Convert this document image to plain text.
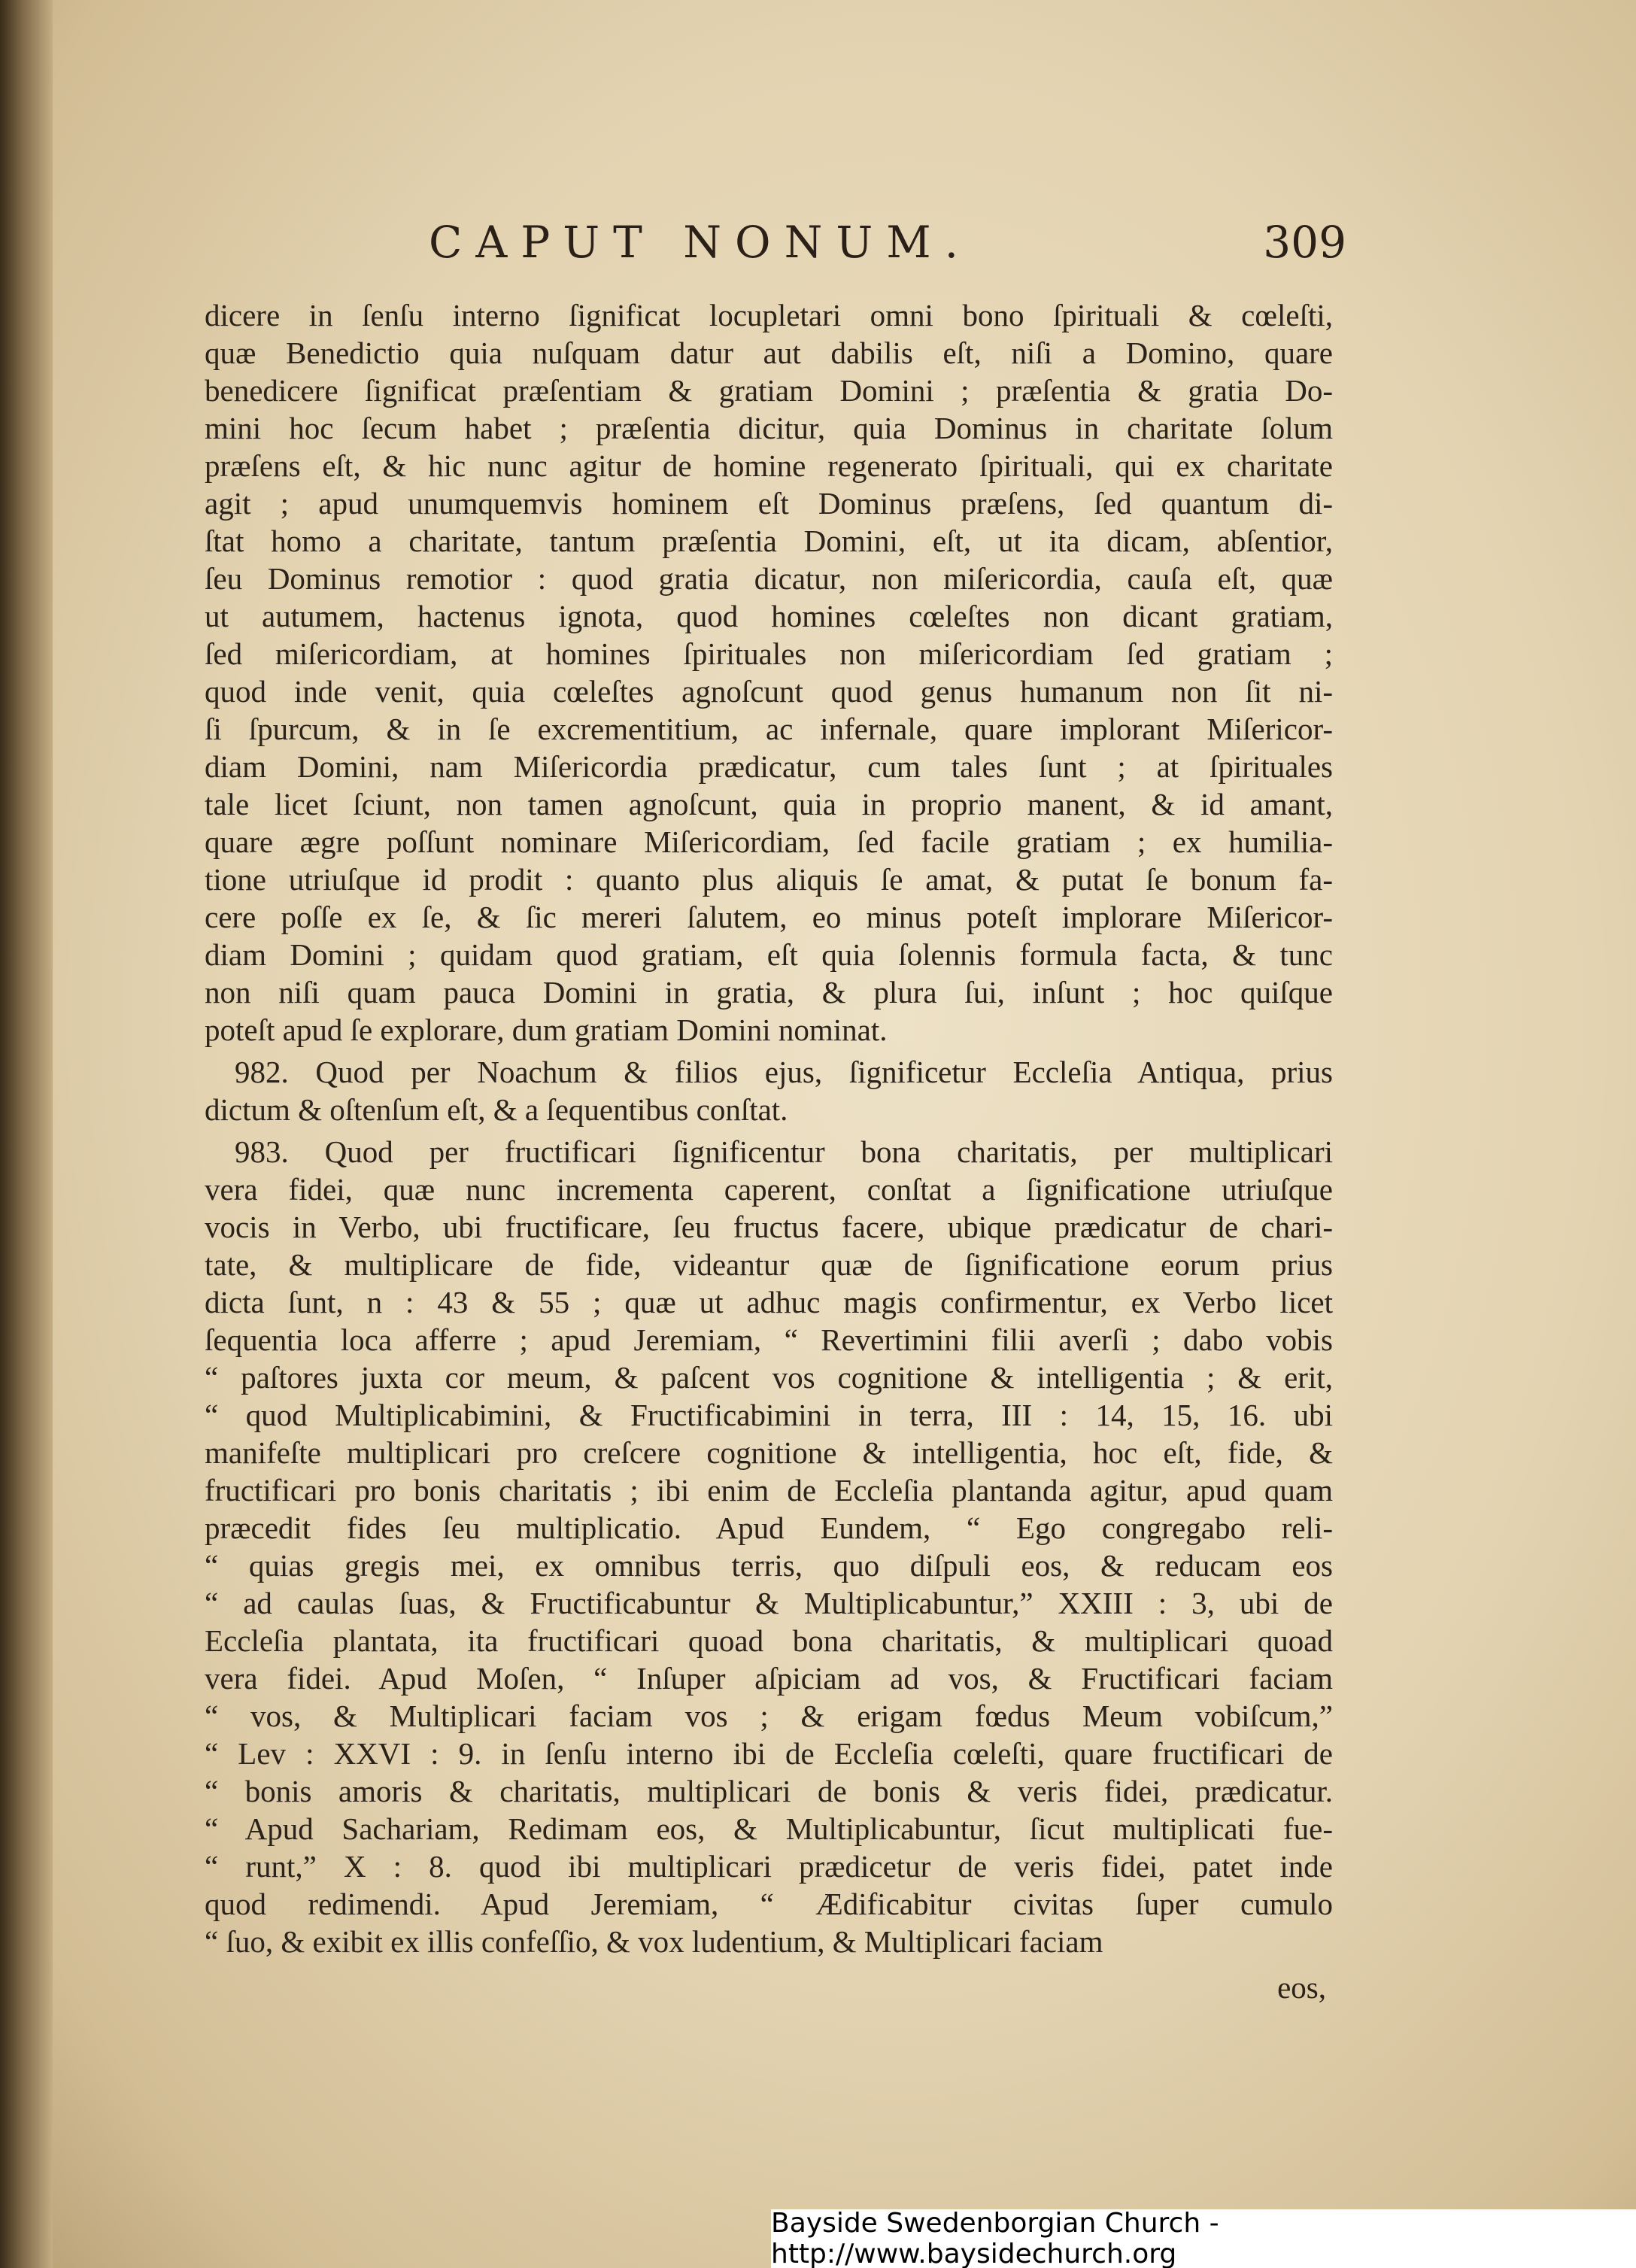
CAPUT NONUM.	309
dicere in ſenſu interno ſignificat locupletari omni bono ſpirituali & cœleſti,
quæ Benedictio quia nuſquam datur aut dabilis eſt, niſi a Domino, quare
benedicere ſignificat præſentiam & gratiam Domini ; præſentia & gratia Do-
mini hoc ſecum habet ; præſentia dicitur, quia Dominus in charitate ſolum
præſens eſt, & hic nunc agitur de homine regenerato ſpirituali, qui ex charitate
agit ; apud unumquemvis hominem eſt Dominus præſens, ſed quantum di-
ſtat homo a charitate, tantum præſentia Domini, eſt, ut ita dicam, abſentior,
ſeu Dominus remotior : quod gratia dicatur, non miſericordia, cauſa eſt, quæ
ut autumem, hactenus ignota, quod homines cœleſtes non dicant gratiam,
ſed miſericordiam, at homines ſpirituales non miſericordiam ſed gratiam ;
quod inde venit, quia cœleſtes agnoſcunt quod genus humanum non ſit ni-
ſi ſpurcum, & in ſe excrementitium, ac infernale, quare implorant Miſericor-
diam Domini, nam Miſericordia prædicatur, cum tales ſunt ; at ſpirituales
tale licet ſciunt, non tamen agnoſcunt, quia in proprio manent, & id amant,
quare ægre poſſunt nominare Miſericordiam, ſed facile gratiam ; ex humilia-
tione utriuſque id prodit : quanto plus aliquis ſe amat, & putat ſe bonum fa-
cere poſſe ex ſe, & ſic mereri ſalutem, eo minus poteſt implorare Miſericor-
diam Domini ; quidam quod gratiam, eſt quia ſolennis formula facta, & tunc
non niſi quam pauca Domini in gratia, & plura ſui, inſunt ; hoc quiſque
poteſt apud ſe explorare, dum gratiam Domini nominat.
982. Quod per Noachum & filios ejus, ſignificetur Eccleſia Antiqua, prius
dictum & oſtenſum eſt, & a ſequentibus conſtat.
983. Quod per fructificari ſignificentur bona charitatis, per multiplicari
vera fidei, quæ nunc incrementa caperent, conſtat a ſignificatione utriuſque
vocis in Verbo, ubi fructificare, ſeu fructus facere, ubique prædicatur de chari-
tate, & multiplicare de fide, videantur quæ de ſignificatione eorum prius
dicta ſunt, n : 43 & 55 ; quæ ut adhuc magis confirmentur, ex Verbo licet
ſequentia loca afferre ; apud Jeremiam, “ Revertimini filii averſi ; dabo vobis
“ paſtores juxta cor meum, & paſcent vos cognitione & intelligentia ; & erit,
“ quod Multiplicabimini, & Fructificabimini in terra, III : 14, 15, 16. ubi
manifeſte multiplicari pro creſcere cognitione & intelligentia, hoc eſt, fide, &
fructificari pro bonis charitatis ; ibi enim de Eccleſia plantanda agitur, apud quam
præcedit fides ſeu multiplicatio. Apud Eundem, “ Ego congregabo reli-
“ quias gregis mei, ex omnibus terris, quo diſpuli eos, & reducam eos
“ ad caulas ſuas, & Fructificabuntur & Multiplicabuntur,” XXIII : 3, ubi de
Eccleſia plantata, ita fructificari quoad bona charitatis, & multiplicari quoad
vera fidei. Apud Moſen, “ Inſuper aſpiciam ad vos, & Fructificari faciam
“ vos, & Multiplicari faciam vos ; & erigam fœdus Meum vobiſcum,”
“ Lev : XXVI : 9. in ſenſu interno ibi de Eccleſia cœleſti, quare fructificari de
“ bonis amoris & charitatis, multiplicari de bonis & veris fidei, prædicatur.
“ Apud Sachariam, Redimam eos, & Multiplicabuntur, ſicut multiplicati fue-
“ runt,” X : 8. quod ibi multiplicari prædicetur de veris fidei, patet inde
quod redimendi. Apud Jeremiam, “ Ædificabitur civitas ſuper cumulo
“ ſuo, & exibit ex illis confeſſio, & vox ludentium, & Multiplicari faciam
eos,
Bayside Swedenborgian Church - http://www.baysidechurch.org
